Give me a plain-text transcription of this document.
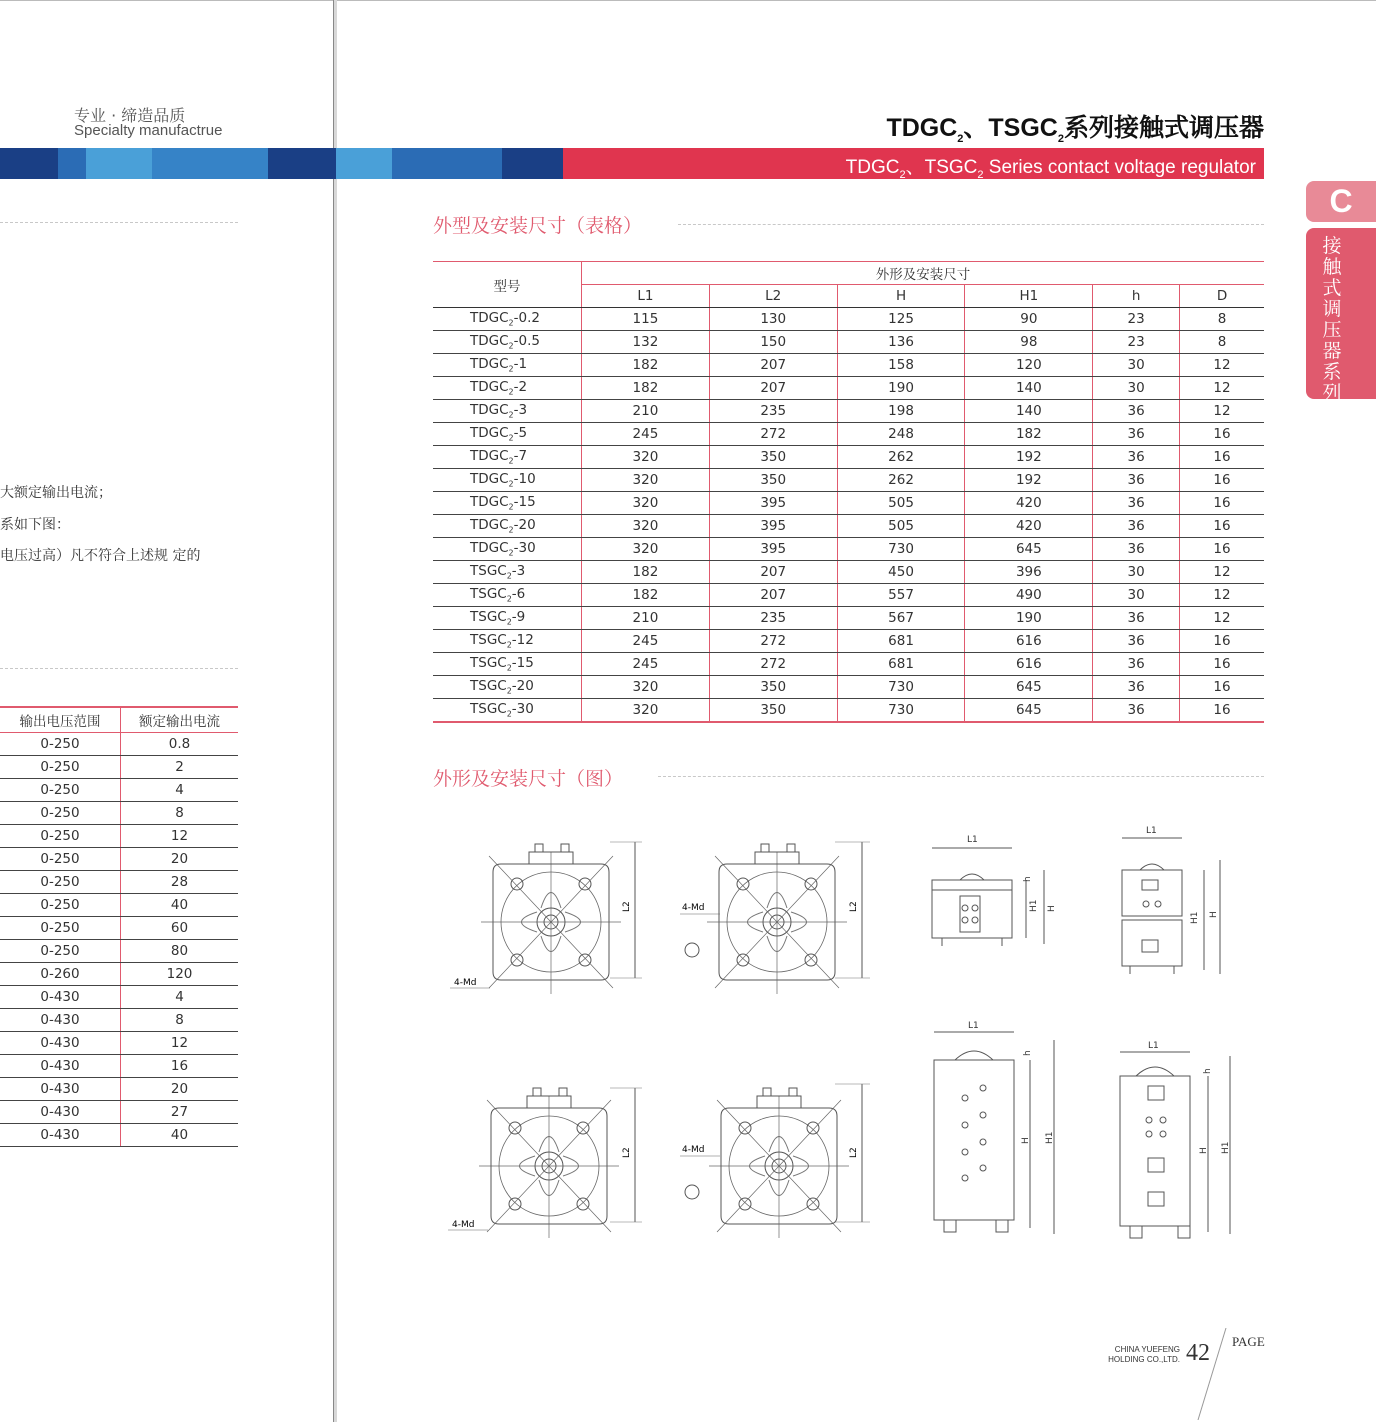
专业 · 缔造品质
Specialty manufactrue
大额定输出电流；
系如下图：
电压过高）凡不符合上述规 定的
输出电压范围	额定输出电流
0-250	0.8
0-250	2
0-250	4
0-250	8
0-250	12
0-250	20
0-250	28
0-250	40
0-250	60
0-250	80
0-260	120
0-430	4
0-430	8
0-430	12
0-430	16
0-430	20
0-430	27
0-430	40
$TDGC_2$、$TSGC_2$系列接触式调压器
$TDGC_2$、$TSGC_2$ Series contact voltage regulator
C
接触式调压器系列
外型及安装尺寸（表格）
型号	外形及安装尺寸					
	L1	L2	H	H1	h	D
$TDGC_2-0.2$	115	130	125	90	23	8
$TDGC_2-0.5$	132	150	136	98	23	8
$TDGC_2-1$	182	207	158	120	30	12
$TDGC_2-2$	182	207	190	140	30	12
$TDGC_2-3$	210	235	198	140	36	12
$TDGC_2-5$	245	272	248	182	36	16
$TDGC_2-7$	320	350	262	192	36	16
$TDGC_2-10$	320	350	262	192	36	16
$TDGC_2-15$	320	395	505	420	36	16
$TDGC_2-20$	320	395	505	420	36	16
$TDGC_2-30$	320	395	730	645	36	16
$TSGC_2-3$	182	207	450	396	30	12
$TSGC_2-6$	182	207	557	490	30	12
$TSGC_2-9$	210	235	567	190	36	12
$TSGC_2-12$	245	272	681	616	36	16
$TSGC_2-15$	245	272	681	616	36	16
$TSGC_2-20$	320	350	730	645	36	16
$TSGC_2-30$	320	350	730	645	36	16
外形及安装尺寸（图）
L2
4-Md
L2
4-Md
L2
4-Md
L2
4-Md
L1
H1 H
h
L1
H1 H
L1
H H1
h
L1
H H1
h
CHINA YUEFENG
HOLDING CO.,LTD. 42 PAGE
